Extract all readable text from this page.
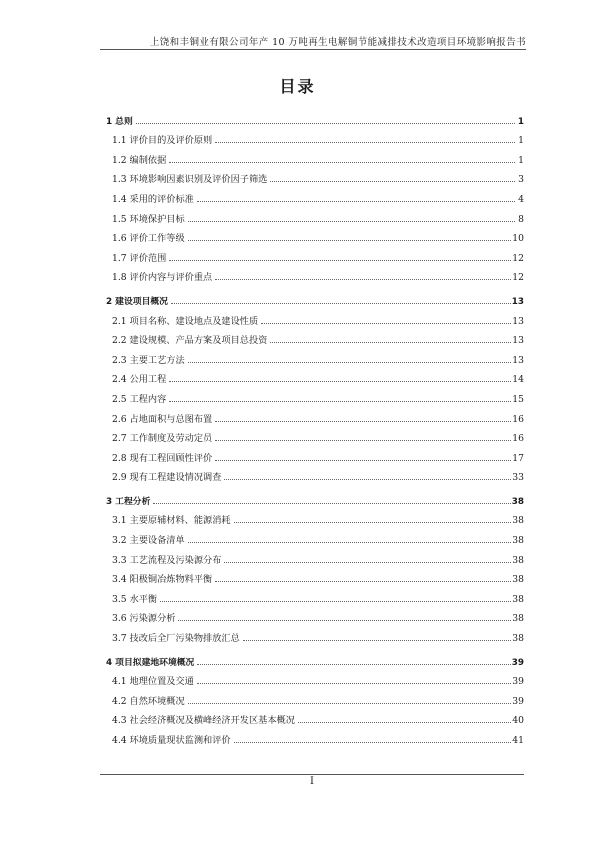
上饶和丰铜业有限公司年产 10 万吨再生电解铜节能减排技术改造项目环境影响报告书
目录
1 总则	1
1.1 评价目的及评价原则	1
1.2 编制依据	1
1.3 环境影响因素识别及评价因子筛选	3
1.4 采用的评价标准	4
1.5 环境保护目标	8
1.6 评价工作等级	10
1.7 评价范围	12
1.8 评价内容与评价重点	12
2 建设项目概况	13
2.1 项目名称、建设地点及建设性质	13
2.2 建设规模、产品方案及项目总投资	13
2.3 主要工艺方法	13
2.4 公用工程	14
2.5 工程内容	15
2.6 占地面积与总图布置	16
2.7 工作制度及劳动定员	16
2.8 现有工程回顾性评价	17
2.9 现有工程建设情况调查	33
3 工程分析	38
3.1 主要原辅材料、能源消耗	38
3.2 主要设备清单	38
3.3 工艺流程及污染源分布	38
3.4 阳极铜冶炼物料平衡	38
3.5 水平衡	38
3.6 污染源分析	38
3.7 技改后全厂污染物排放汇总	38
4 项目拟建地环境概况	39
4.1 地理位置及交通	39
4.2 自然环境概况	39
4.3 社会经济概况及横峰经济开发区基本概况	40
4.4 环境质量现状监测和评价	41
I
